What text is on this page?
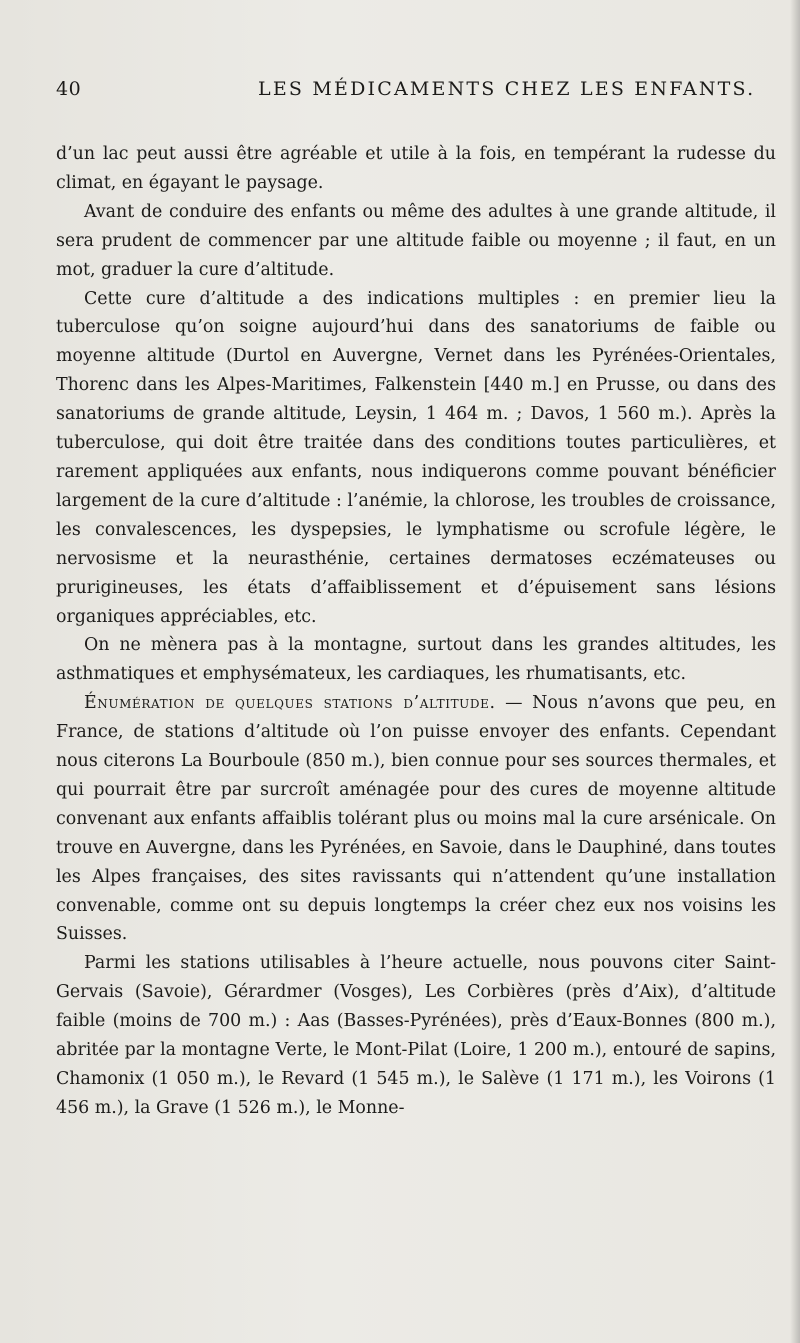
40	LES MÉDICAMENTS CHEZ LES ENFANTS.

d’un lac peut aussi être agréable et utile à la fois, en tempérant la rudesse du climat, en égayant le paysage.

Avant de conduire des enfants ou même des adultes à une grande altitude, il sera prudent de commencer par une altitude faible ou moyenne ; il faut, en un mot, graduer la cure d’altitude.

Cette cure d’altitude a des indications multiples : en premier lieu la tuberculose qu’on soigne aujourd’hui dans des sanatoriums de faible ou moyenne altitude (Durtol en Auvergne, Vernet dans les Pyrénées-Orientales, Thorenc dans les Alpes-Maritimes, Falkenstein [440 m.] en Prusse, ou dans des sanatoriums de grande altitude, Leysin, 1 464 m. ; Davos, 1 560 m.). Après la tuberculose, qui doit être traitée dans des conditions toutes particulières, et rarement appliquées aux enfants, nous indiquerons comme pouvant bénéficier largement de la cure d’altitude : l’anémie, la chlorose, les troubles de croissance, les convalescences, les dyspepsies, le lymphatisme ou scrofule légère, le nervosisme et la neurasthénie, certaines dermatoses eczémateuses ou prurigineuses, les états d’affaiblissement et d’épuisement sans lésions organiques appréciables, etc.

On ne mènera pas à la montagne, surtout dans les grandes altitudes, les asthmatiques et emphysémateux, les cardiaques, les rhumatisants, etc.

Énumération de quelques stations d’altitude. — Nous n’avons que peu, en France, de stations d’altitude où l’on puisse envoyer des enfants. Cependant nous citerons La Bourboule (850 m.), bien connue pour ses sources thermales, et qui pourrait être par surcroît aménagée pour des cures de moyenne altitude convenant aux enfants affaiblis tolérant plus ou moins mal la cure arsénicale. On trouve en Auvergne, dans les Pyrénées, en Savoie, dans le Dauphiné, dans toutes les Alpes françaises, des sites ravissants qui n’attendent qu’une installation convenable, comme ont su depuis longtemps la créer chez eux nos voisins les Suisses.

Parmi les stations utilisables à l’heure actuelle, nous pouvons citer Saint-Gervais (Savoie), Gérardmer (Vosges), Les Corbières (près d’Aix), d’altitude faible (moins de 700 m.) : Aas (Basses-Pyrénées), près d’Eaux-Bonnes (800 m.), abritée par la montagne Verte, le Mont-Pilat (Loire, 1 200 m.), entouré de sapins, Chamonix (1 050 m.), le Revard (1 545 m.), le Salève (1 171 m.), les Voirons (1 456 m.), la Grave (1 526 m.), le Monne-
